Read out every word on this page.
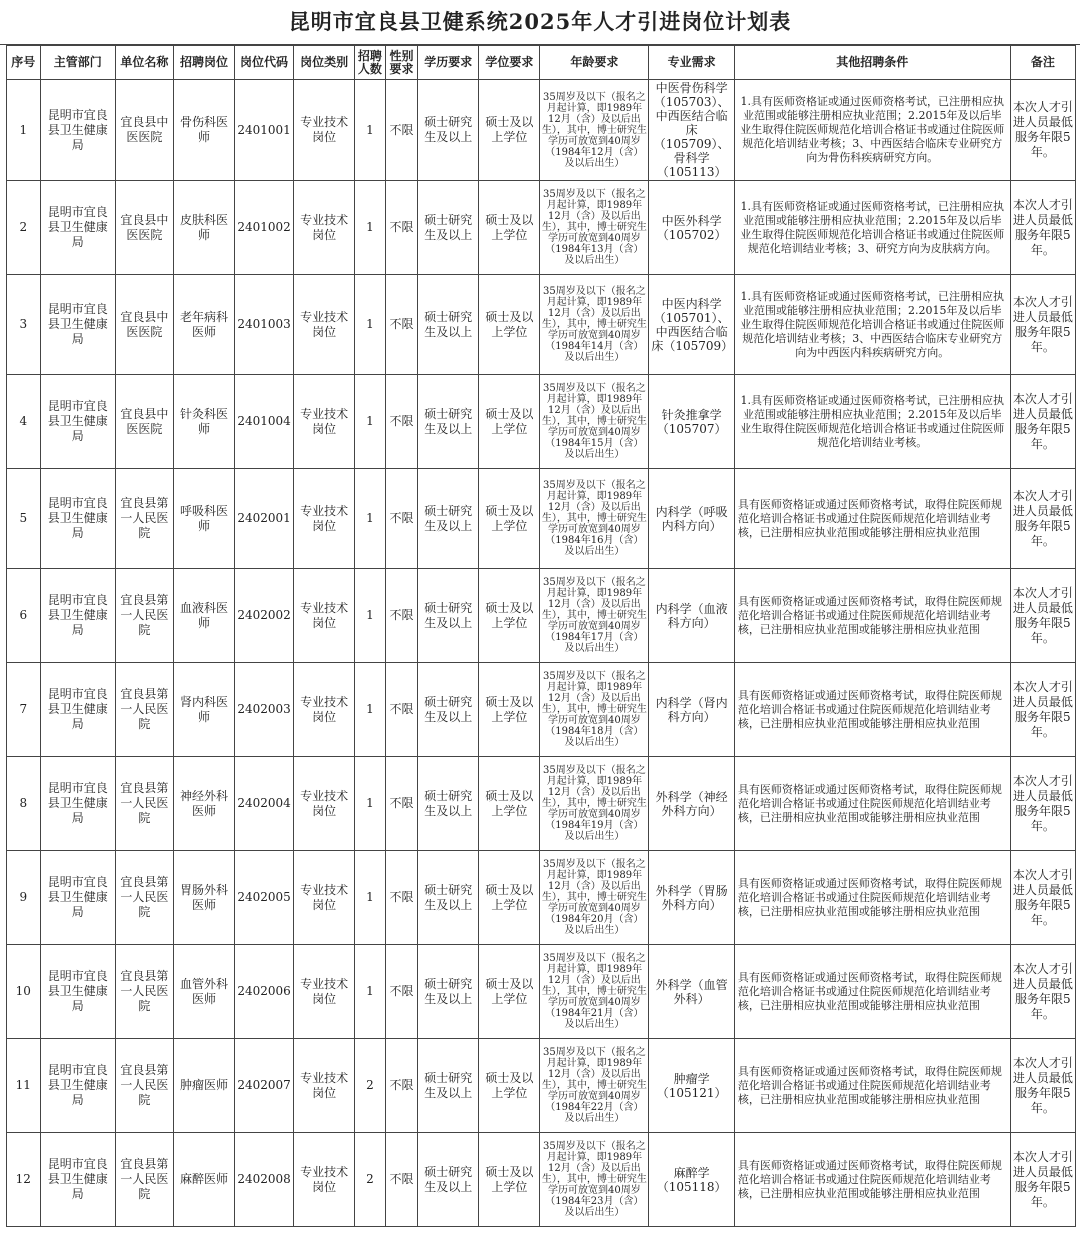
昆明市宜良县卫健系统2025年人才引进岗位计划表
序号	主管部门	单位名称	招聘岗位	岗位代码	岗位类别	招聘人数	性别要求	学历要求	学位要求	年龄要求	专业需求	其他招聘条件	备注
1	昆明市宜良县卫生健康局	宜良县中医医院	骨伤科医师	2401001	专业技术岗位	1	不限	硕士研究生及以上	硕士及以上学位	35周岁及以下（报名之月起计算，即1989年12月（含）及以后出生），其中，博士研究生学历可放宽到40周岁（1984年12月（含）及以后出生）	中医骨伤科学（105703）、中西医结合临床（105709）、骨科学（105113）	1.具有医师资格证或通过医师资格考试，已注册相应执业范围或能够注册相应执业范围；2.2015年及以后毕业生取得住院医师规范化培训合格证书或通过住院医师规范化培训结业考核；3、中西医结合临床专业研究方向为骨伤科疾病研究方向。	本次人才引进人员最低服务年限5年。
2	昆明市宜良县卫生健康局	宜良县中医医院	皮肤科医师	2401002	专业技术岗位	1	不限	硕士研究生及以上	硕士及以上学位	35周岁及以下（报名之月起计算，即1989年12月（含）及以后出生），其中，博士研究生学历可放宽到40周岁（1984年13月（含）及以后出生）	中医外科学（105702）	1.具有医师资格证或通过医师资格考试，已注册相应执业范围或能够注册相应执业范围；2.2015年及以后毕业生取得住院医师规范化培训合格证书或通过住院医师规范化培训结业考核；3、研究方向为皮肤病方向。	本次人才引进人员最低服务年限5年。
3	昆明市宜良县卫生健康局	宜良县中医医院	老年病科医师	2401003	专业技术岗位	1	不限	硕士研究生及以上	硕士及以上学位	35周岁及以下（报名之月起计算，即1989年12月（含）及以后出生），其中，博士研究生学历可放宽到40周岁（1984年14月（含）及以后出生）	中医内科学（105701）、中西医结合临床（105709）	1.具有医师资格证或通过医师资格考试，已注册相应执业范围或能够注册相应执业范围；2.2015年及以后毕业生取得住院医师规范化培训合格证书或通过住院医师规范化培训结业考核；3、中西医结合临床专业研究方向为中西医内科疾病研究方向。	本次人才引进人员最低服务年限5年。
4	昆明市宜良县卫生健康局	宜良县中医医院	针灸科医师	2401004	专业技术岗位	1	不限	硕士研究生及以上	硕士及以上学位	35周岁及以下（报名之月起计算，即1989年12月（含）及以后出生），其中，博士研究生学历可放宽到40周岁（1984年15月（含）及以后出生）	针灸推拿学（105707）	1.具有医师资格证或通过医师资格考试，已注册相应执业范围或能够注册相应执业范围；2.2015年及以后毕业生取得住院医师规范化培训合格证书或通过住院医师规范化培训结业考核。	本次人才引进人员最低服务年限5年。
5	昆明市宜良县卫生健康局	宜良县第一人民医院	呼吸科医师	2402001	专业技术岗位	1	不限	硕士研究生及以上	硕士及以上学位	35周岁及以下（报名之月起计算，即1989年12月（含）及以后出生），其中，博士研究生学历可放宽到40周岁（1984年16月（含）及以后出生）	内科学（呼吸内科方向）	具有医师资格证或通过医师资格考试，取得住院医师规范化培训合格证书或通过住院医师规范化培训结业考核，已注册相应执业范围或能够注册相应执业范围	本次人才引进人员最低服务年限5年。
6	昆明市宜良县卫生健康局	宜良县第一人民医院	血液科医师	2402002	专业技术岗位	1	不限	硕士研究生及以上	硕士及以上学位	35周岁及以下（报名之月起计算，即1989年12月（含）及以后出生），其中，博士研究生学历可放宽到40周岁（1984年17月（含）及以后出生）	内科学（血液科方向）	具有医师资格证或通过医师资格考试，取得住院医师规范化培训合格证书或通过住院医师规范化培训结业考核，已注册相应执业范围或能够注册相应执业范围	本次人才引进人员最低服务年限5年。
7	昆明市宜良县卫生健康局	宜良县第一人民医院	肾内科医师	2402003	专业技术岗位	1	不限	硕士研究生及以上	硕士及以上学位	35周岁及以下（报名之月起计算，即1989年12月（含）及以后出生），其中，博士研究生学历可放宽到40周岁（1984年18月（含）及以后出生）	内科学（肾内科方向）	具有医师资格证或通过医师资格考试，取得住院医师规范化培训合格证书或通过住院医师规范化培训结业考核，已注册相应执业范围或能够注册相应执业范围	本次人才引进人员最低服务年限5年。
8	昆明市宜良县卫生健康局	宜良县第一人民医院	神经外科医师	2402004	专业技术岗位	1	不限	硕士研究生及以上	硕士及以上学位	35周岁及以下（报名之月起计算，即1989年12月（含）及以后出生），其中，博士研究生学历可放宽到40周岁（1984年19月（含）及以后出生）	外科学（神经外科方向）	具有医师资格证或通过医师资格考试，取得住院医师规范化培训合格证书或通过住院医师规范化培训结业考核，已注册相应执业范围或能够注册相应执业范围	本次人才引进人员最低服务年限5年。
9	昆明市宜良县卫生健康局	宜良县第一人民医院	胃肠外科医师	2402005	专业技术岗位	1	不限	硕士研究生及以上	硕士及以上学位	35周岁及以下（报名之月起计算，即1989年12月（含）及以后出生），其中，博士研究生学历可放宽到40周岁（1984年20月（含）及以后出生）	外科学（胃肠外科方向）	具有医师资格证或通过医师资格考试，取得住院医师规范化培训合格证书或通过住院医师规范化培训结业考核，已注册相应执业范围或能够注册相应执业范围	本次人才引进人员最低服务年限5年。
10	昆明市宜良县卫生健康局	宜良县第一人民医院	血管外科医师	2402006	专业技术岗位	1	不限	硕士研究生及以上	硕士及以上学位	35周岁及以下（报名之月起计算，即1989年12月（含）及以后出生），其中，博士研究生学历可放宽到40周岁（1984年21月（含）及以后出生）	外科学（血管外科）	具有医师资格证或通过医师资格考试，取得住院医师规范化培训合格证书或通过住院医师规范化培训结业考核，已注册相应执业范围或能够注册相应执业范围	本次人才引进人员最低服务年限5年。
11	昆明市宜良县卫生健康局	宜良县第一人民医院	肿瘤医师	2402007	专业技术岗位	2	不限	硕士研究生及以上	硕士及以上学位	35周岁及以下（报名之月起计算，即1989年12月（含）及以后出生），其中，博士研究生学历可放宽到40周岁（1984年22月（含）及以后出生）	肿瘤学（105121）	具有医师资格证或通过医师资格考试，取得住院医师规范化培训合格证书或通过住院医师规范化培训结业考核，已注册相应执业范围或能够注册相应执业范围	本次人才引进人员最低服务年限5年。
12	昆明市宜良县卫生健康局	宜良县第一人民医院	麻醉医师	2402008	专业技术岗位	2	不限	硕士研究生及以上	硕士及以上学位	35周岁及以下（报名之月起计算，即1989年12月（含）及以后出生），其中，博士研究生学历可放宽到40周岁（1984年23月（含）及以后出生）	麻醉学（105118）	具有医师资格证或通过医师资格考试，取得住院医师规范化培训合格证书或通过住院医师规范化培训结业考核，已注册相应执业范围或能够注册相应执业范围	本次人才引进人员最低服务年限5年。
